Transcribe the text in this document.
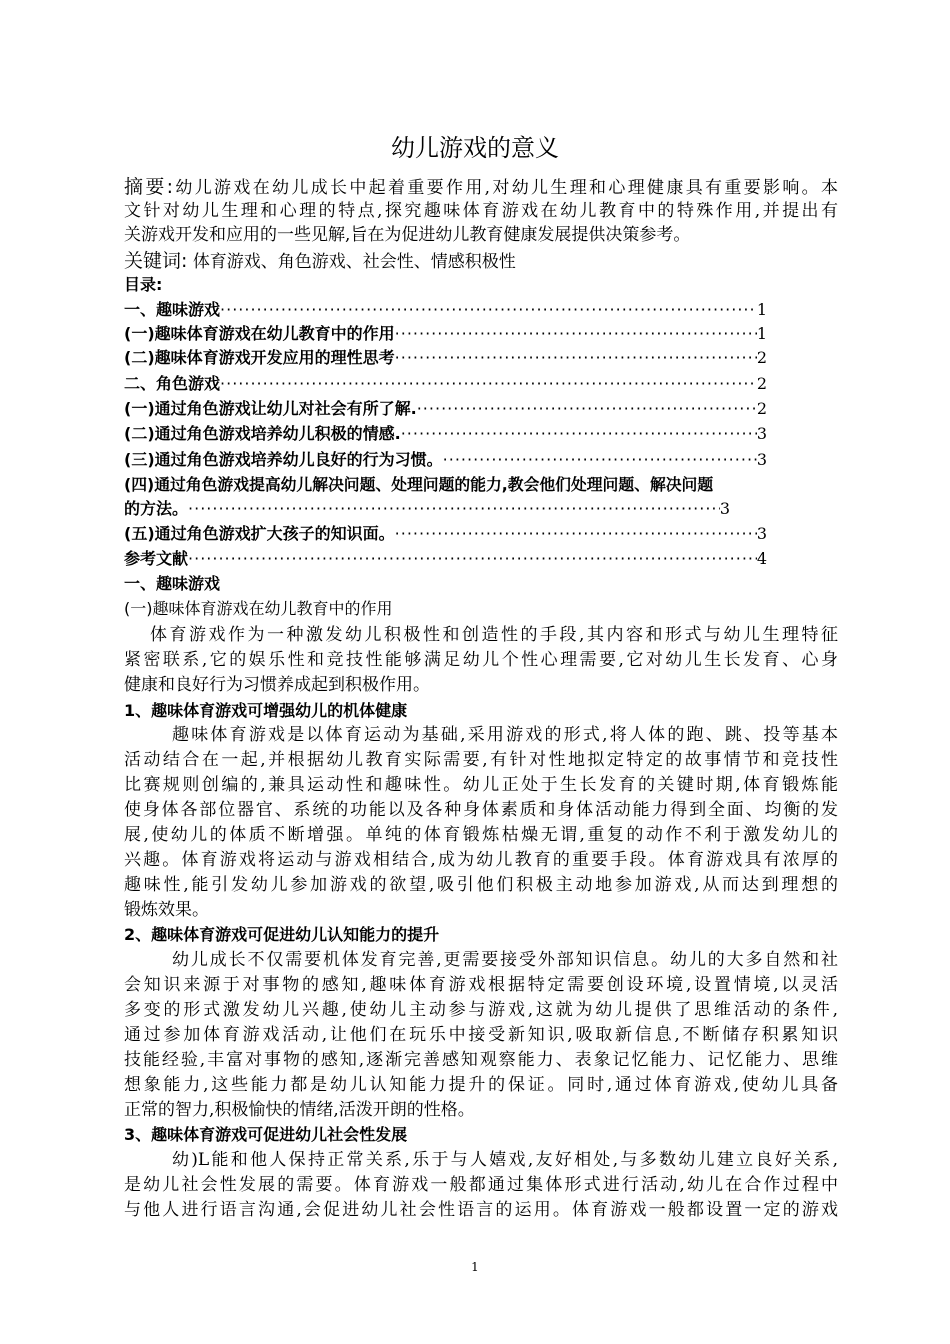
幼儿游戏的意义
摘要:幼儿游戏在幼儿成长中起着重要作用,对幼儿生理和心理健康具有重要影响。本
文针对幼儿生理和心理的特点,探究趣味体育游戏在幼儿教育中的特殊作用,并提出有
关游戏开发和应用的一些见解,旨在为促进幼儿教育健康发展提供决策参考。
关键词: 体育游戏、角色游戏、社会性、情感积极性
目录:
一、趣味游戏 ·····	1
(一)趣味体育游戏在幼儿教育中的作用 ·····	1
(二)趣味体育游戏开发应用的理性思考 ·····	2
二、角色游戏 ·····	2
(一)通过角色游戏让幼儿对社会有所了解. ·····	2
(二)通过角色游戏培养幼儿积极的情感. ·····	3
(三)通过角色游戏培养幼儿良好的行为习惯。 ·····	3
(四)通过角色游戏提高幼儿解决问题、处理问题的能力,教会他们处理问题、解决问题
的方法。 ·····	3
(五)通过角色游戏扩大孩子的知识面。 ·····	3
参考文献 ·····	4
一、趣味游戏
(一)趣味体育游戏在幼儿教育中的作用
体育游戏作为一种激发幼儿积极性和创造性的手段,其内容和形式与幼儿生理特征
紧密联系,它的娱乐性和竞技性能够满足幼儿个性心理需要,它对幼儿生长发育、心身
健康和良好行为习惯养成起到积极作用。
1、趣味体育游戏可增强幼儿的机体健康
趣味体育游戏是以体育运动为基础,采用游戏的形式,将人体的跑、跳、投等基本
活动结合在一起,并根据幼儿教育实际需要,有针对性地拟定特定的故事情节和竞技性
比赛规则创编的,兼具运动性和趣味性。幼儿正处于生长发育的关键时期,体育锻炼能
使身体各部位器官、系统的功能以及各种身体素质和身体活动能力得到全面、均衡的发
展,使幼儿的体质不断增强。单纯的体育锻炼枯燥无谓,重复的动作不利于激发幼儿的
兴趣。体育游戏将运动与游戏相结合,成为幼儿教育的重要手段。体育游戏具有浓厚的
趣味性,能引发幼儿参加游戏的欲望,吸引他们积极主动地参加游戏,从而达到理想的
锻炼效果。
2、趣味体育游戏可促进幼儿认知能力的提升
幼儿成长不仅需要机体发育完善,更需要接受外部知识信息。幼儿的大多自然和社
会知识来源于对事物的感知,趣味体育游戏根据特定需要创设环境,设置情境,以灵活
多变的形式激发幼儿兴趣,使幼儿主动参与游戏,这就为幼儿提供了思维活动的条件,
通过参加体育游戏活动,让他们在玩乐中接受新知识,吸取新信息,不断储存积累知识
技能经验,丰富对事物的感知,逐渐完善感知观察能力、表象记忆能力、记忆能力、思维
想象能力,这些能力都是幼儿认知能力提升的保证。同时,通过体育游戏,使幼儿具备
正常的智力,积极愉快的情绪,活泼开朗的性格。
3、趣味体育游戏可促进幼儿社会性发展
幼)L能和他人保持正常关系,乐于与人嬉戏,友好相处,与多数幼儿建立良好关系,
是幼儿社会性发展的需要。体育游戏一般都通过集体形式进行活动,幼儿在合作过程中
与他人进行语言沟通,会促进幼儿社会性语言的运用。体育游戏一般都设置一定的游戏
1
